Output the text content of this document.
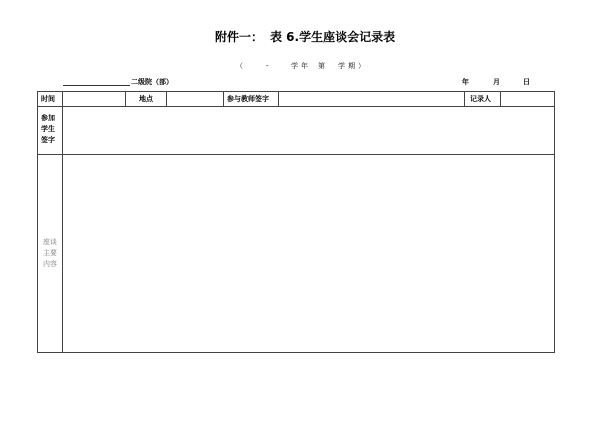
附件一： 表 6.学生座谈会记录表
（	-	学年 第 学期）
二级院（部）	年	月	日
时间		地点		参与教师签字		记录人	

参加
学生
签字							

座谈
主要
内容							
